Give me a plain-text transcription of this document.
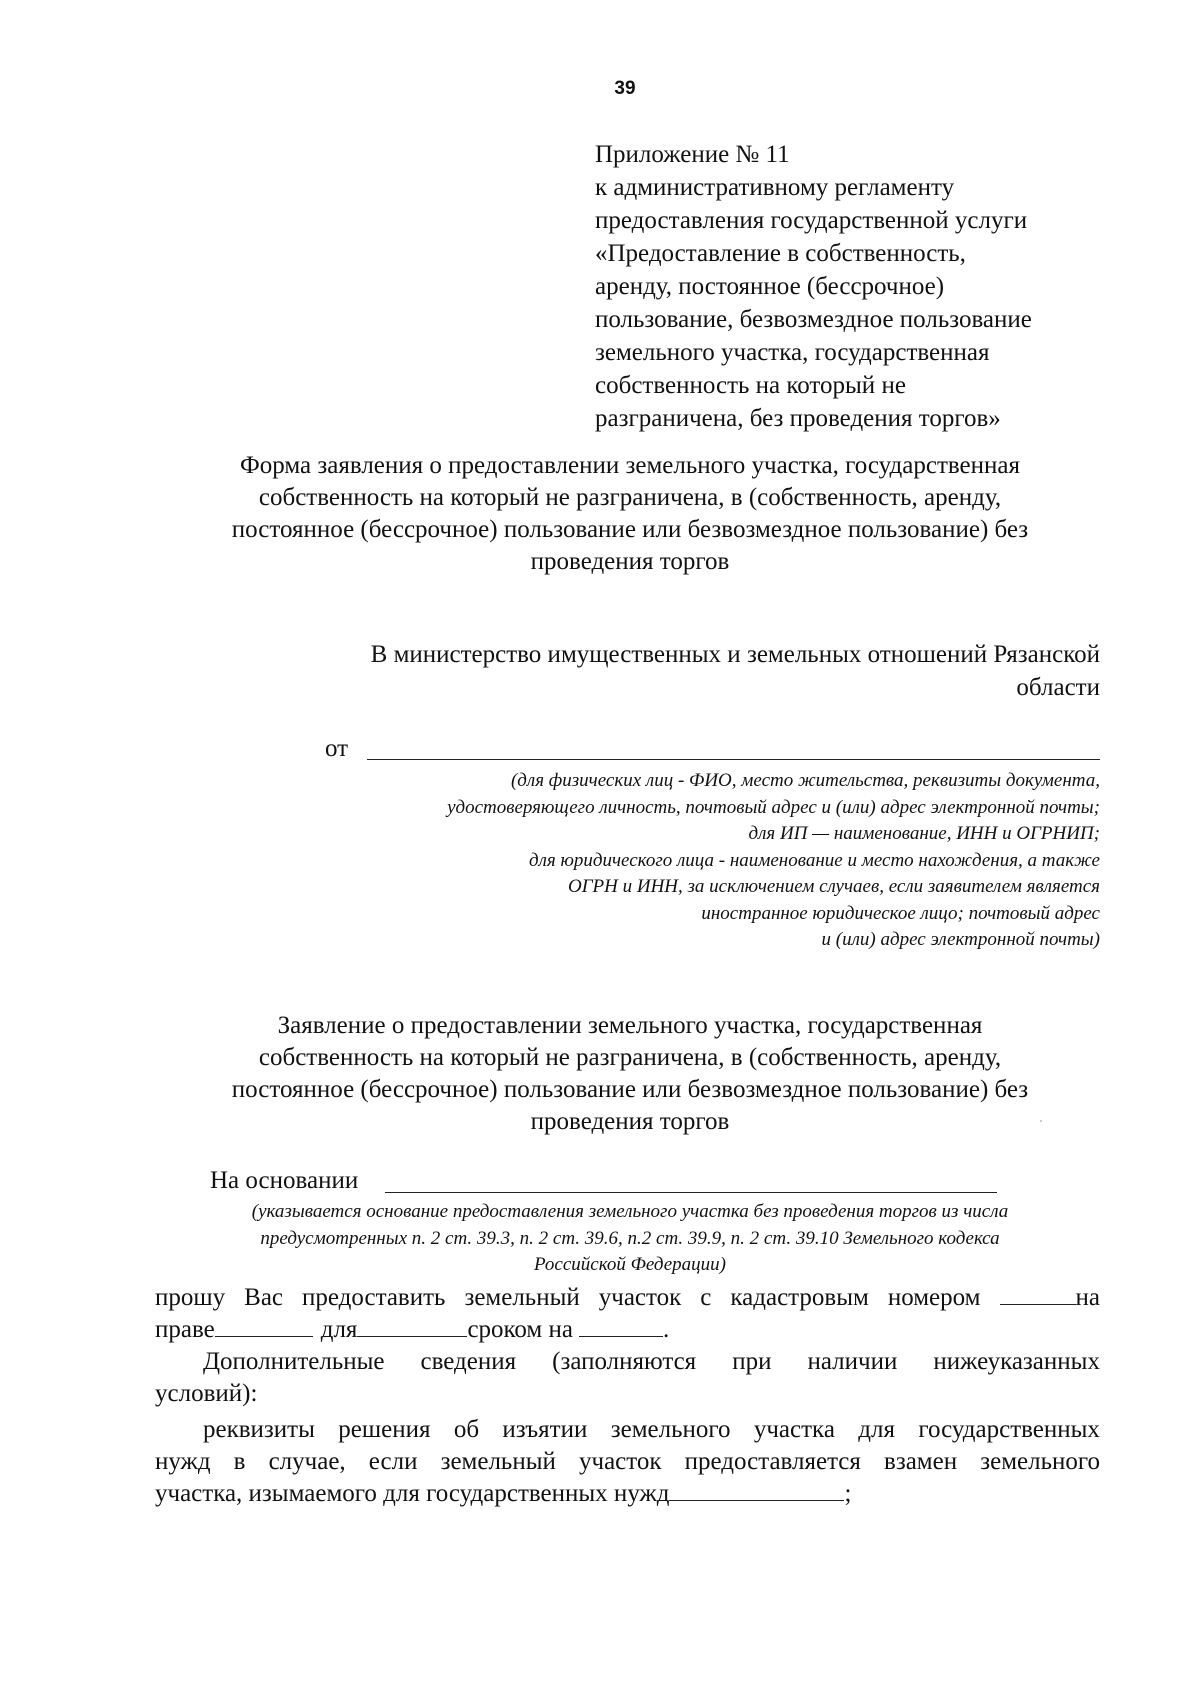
39
Приложение № 11
к административному регламенту
предоставления государственной услуги
«Предоставление в собственность,
аренду, постоянное (бессрочное)
пользование, безвозмездное пользование
земельного участка, государственная
собственность на который не
разграничена, без проведения торгов»
Форма заявления о предоставлении земельного участка, государственная
собственность на который не разграничена, в (собственность, аренду,
постоянное (бессрочное) пользование или безвозмездное пользование) без
проведения торгов
В министерство имущественных и земельных отношений Рязанской
области
от
(для физических лиц - ФИО, место жительства, реквизиты документа,
удостоверяющего личность, почтовый адрес и (или) адрес электронной почты;
для ИП — наименование, ИНН и ОГРНИП;
для юридического лица - наименование и место нахождения, а также
ОГРН и ИНН, за исключением случаев, если заявителем является
иностранное юридическое лицо; почтовый адрес
и (или) адрес электронной почты)
Заявление о предоставлении земельного участка, государственная
собственность на который не разграничена, в (собственность, аренду,
постоянное (бессрочное) пользование или безвозмездное пользование) без
проведения торгов
На основании
(указывается основание предоставления земельного участка без проведения торгов из числа
предусмотренных п. 2 ст. 39.3, п. 2 ст. 39.6, п.2 ст. 39.9, п. 2 ст. 39.10 Земельного кодекса
Российской Федерации)
прошу Вас предоставить земельный участок с кадастровым номером	на
праве	для	сроком на	.
Дополнительные сведения (заполняются при наличии нижеуказанных
условий):
реквизиты решения об изъятии земельного участка для государственных
нужд в случае, если земельный участок предоставляется взамен земельного
участка, изымаемого для государственных нужд	;
